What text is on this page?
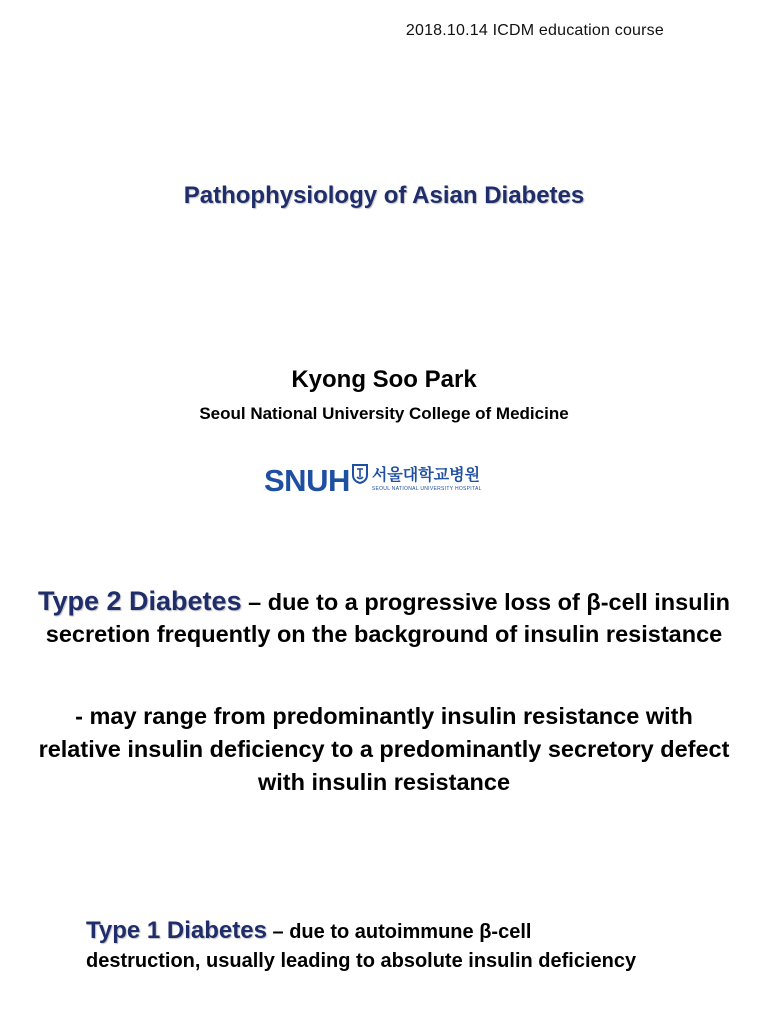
2018.10.14 ICDM education course
Pathophysiology of Asian Diabetes
Kyong Soo Park
Seoul National University College of Medicine
SNUH 서울대학교병원
SEOUL NATIONAL UNIVERSITY HOSPITAL
Type 2 Diabetes – due to a progressive loss of β-cell insulin secretion frequently on the background of insulin resistance
- may range from predominantly insulin resistance with relative insulin deficiency to a predominantly secretory defect with insulin resistance
Type 1 Diabetes – due to autoimmune β-cell destruction, usually leading to absolute insulin deficiency
